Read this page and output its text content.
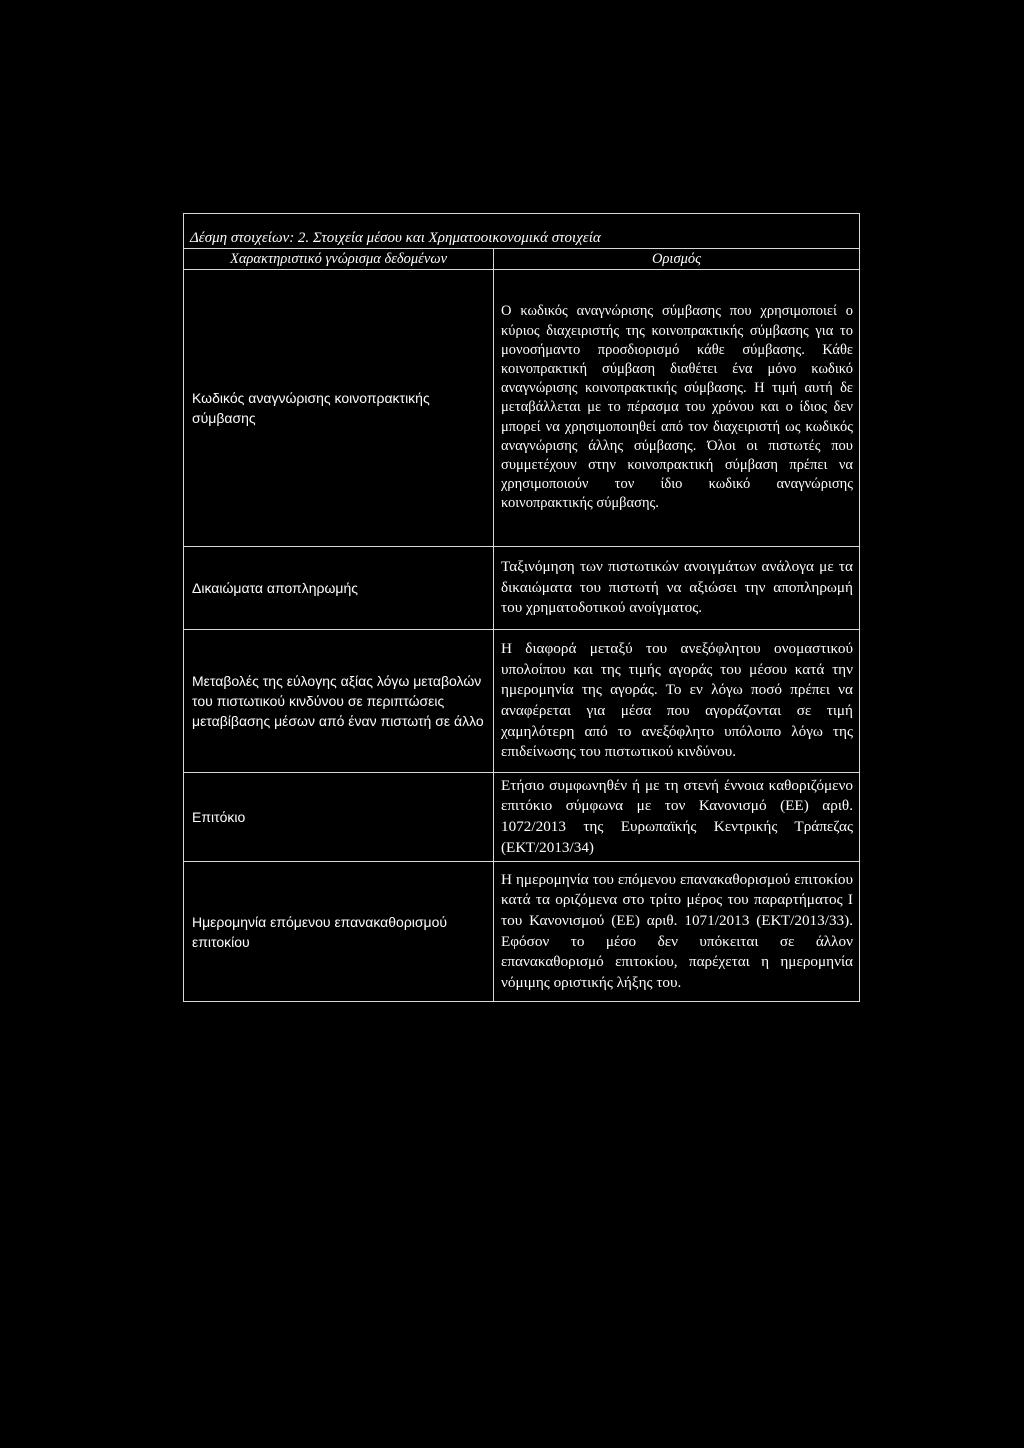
Δέσμη στοιχείων: 2. Στοιχεία μέσου και Χρηματοοικονομικά στοιχεία	
Χαρακτηριστικό γνώρισμα δεδομένων	Ορισμός
Κωδικός αναγνώρισης κοινοπρακτικής σύμβασης	Ο κωδικός αναγνώρισης σύμβασης που χρησιμοποιεί ο κύριος διαχειριστής της κοινοπρακτικής σύμβασης για το μονοσήμαντο προσδιορισμό κάθε σύμβασης. Κάθε κοινοπρακτική σύμβαση διαθέτει ένα μόνο κωδικό αναγνώρισης κοινοπρακτικής σύμβασης. Η τιμή αυτή δε μεταβάλλεται με το πέρασμα του χρόνου και ο ίδιος δεν μπορεί να χρησιμοποιηθεί από τον διαχειριστή ως κωδικός αναγνώρισης άλλης σύμβασης. Όλοι οι πιστωτές που συμμετέχουν στην κοινοπρακτική σύμβαση πρέπει να χρησιμοποιούν τον ίδιο κωδικό αναγνώρισης κοινοπρακτικής σύμβασης.
Δικαιώματα αποπληρωμής	Ταξινόμηση των πιστωτικών ανοιγμάτων ανάλογα με τα δικαιώματα του πιστωτή να αξιώσει την αποπληρωμή του χρηματοδοτικού ανοίγματος.
Μεταβολές της εύλογης αξίας λόγω μεταβολών του πιστωτικού κινδύνου σε περιπτώσεις μεταβίβασης μέσων από έναν πιστωτή σε άλλο	Η διαφορά μεταξύ του ανεξόφλητου ονομαστικού υπολοίπου και της τιμής αγοράς του μέσου κατά την ημερομηνία της αγοράς. Το εν λόγω ποσό πρέπει να αναφέρεται για μέσα που αγοράζονται σε τιμή χαμηλότερη από το ανεξόφλητο υπόλοιπο λόγω της επιδείνωσης του πιστωτικού κινδύνου.
Επιτόκιο	Ετήσιο συμφωνηθέν ή με τη στενή έννοια καθοριζόμενο επιτόκιο σύμφωνα με τον Κανονισμό (ΕΕ) αριθ. 1072/2013 της Ευρωπαϊκής Κεντρικής Τράπεζας (ΕΚΤ/2013/34)
Ημερομηνία επόμενου επανακαθορισμού επιτοκίου	Η ημερομηνία του επόμενου επανακαθορισμού επιτοκίου κατά τα οριζόμενα στο τρίτο μέρος του παραρτήματος I του Κανονισμού (ΕΕ) αριθ. 1071/2013 (ΕΚΤ/2013/33). Εφόσον το μέσο δεν υπόκειται σε άλλον επανακαθορισμό επιτοκίου, παρέχεται η ημερομηνία νόμιμης οριστικής λήξης του.
